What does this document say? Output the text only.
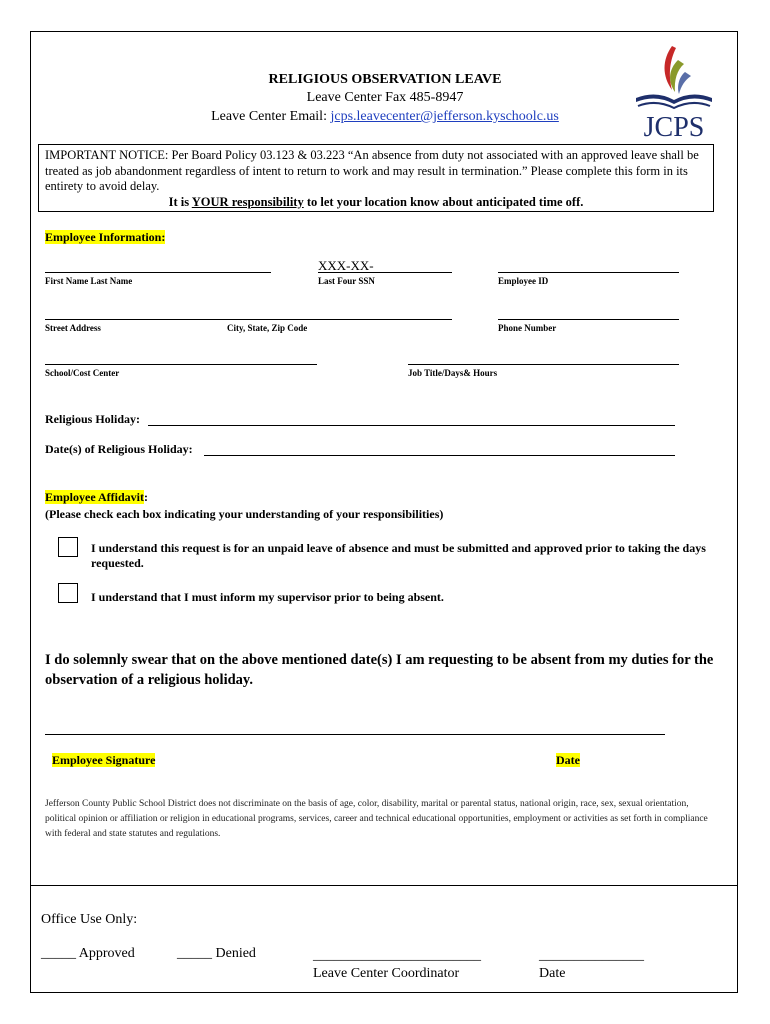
RELIGIOUS OBSERVATION LEAVE
Leave Center Fax 485-8947
Leave Center Email: jcps.leavecenter@jefferson.kyschoolc.us	JCPS
IMPORTANT NOTICE: Per Board Policy 03.123 & 03.223 “An absence from duty not associated with an approved leave shall be treated as job abandonment regardless of intent to return to work and may result in termination.” Please complete this form in its entirety to avoid delay.
It is YOUR responsibility to let your location know about anticipated time off.
Employee Information:
First Name Last Name
XXX-XX-
Last Four SSN	Employee ID
Street Address	City, State, Zip Code	Phone Number
School/Cost Center	Job Title/Days& Hours
Religious Holiday:
Date(s) of Religious Holiday:
Employee Affidavit:
(Please check each box indicating your understanding of your responsibilities)
I understand this request is for an unpaid leave of absence and must be submitted and approved prior to taking the days requested.
I understand that I must inform my supervisor prior to being absent.
I do solemnly swear that on the above mentioned date(s) I am requesting to be absent from my duties for the observation of a religious holiday.
Employee Signature	Date
Jefferson County Public School District does not discriminate on the basis of age, color, disability, marital or parental status, national origin, race, sex, sexual orientation, political opinion or affiliation or religion in educational programs, services, career and technical educational opportunities, employment or activities as set forth in compliance with federal and state statutes and regulations.
Office Use Only:
_____ Approved	_____ Denied	________________________
Leave Center Coordinator
_______________
Date
